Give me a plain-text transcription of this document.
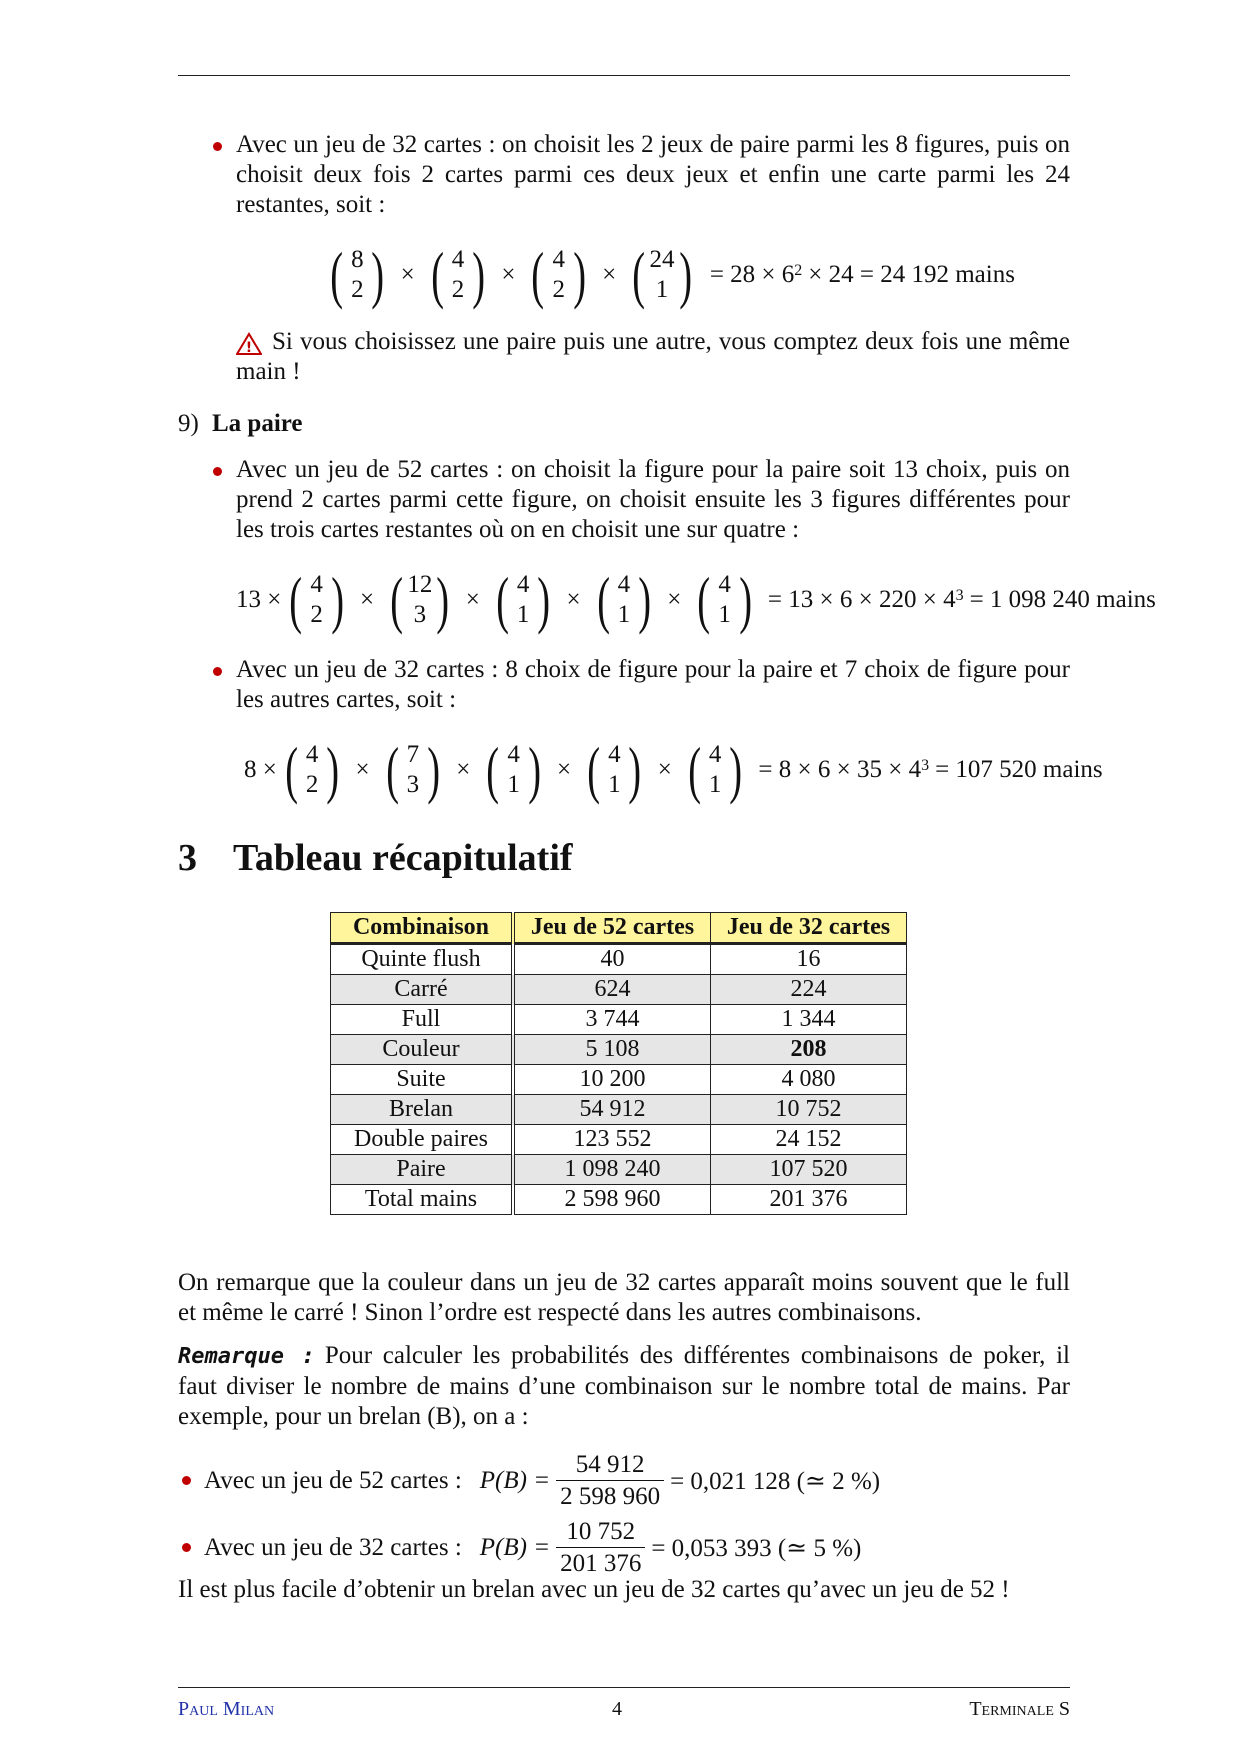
Avec un jeu de 32 cartes : on choisit les 2 jeux de paire parmi les 8 figures, puis on choisit deux fois 2 cartes parmi ces deux jeux et enfin une carte parmi les 24 restantes, soit :
( 8
2 ) × ( 4
2 ) × ( 4
2 ) × ( 24
1 ) = 28 × 6 2 × 24 = 24 192 mains
! Si vous choisissez une paire puis une autre, vous comptez deux fois une même main !
9) La paire
Avec un jeu de 52 cartes : on choisit la figure pour la paire soit 13 choix, puis on prend 2 cartes parmi cette figure, on choisit ensuite les 3 figures différentes pour les trois cartes restantes où on en choisit une sur quatre :
13 × ( 4
2 ) × ( 12
3 ) × ( 4
1 ) × ( 4
1 ) × ( 4
1 ) = 13 × 6 × 220 × 4 3 = 1 098 240 mains
Avec un jeu de 32 cartes : 8 choix de figure pour la paire et 7 choix de figure pour les autres cartes, soit :
8 × ( 4
2 ) × ( 7
3 ) × ( 4
1 ) × ( 4
1 ) × ( 4
1 ) = 8 × 6 × 35 × 4 3 = 107 520 mains
3 Tableau récapitulatif
Combinaison	Jeu de 52 cartes	Jeu de 32 cartes
Quinte flush	40	16
Carré	624	224
Full	3 744	1 344
Couleur	5 108	208
Suite	10 200	4 080
Brelan	54 912	10 752
Double paires	123 552	24 152
Paire	1 098 240	107 520
Total mains	2 598 960	201 376
On remarque que la couleur dans un jeu de 32 cartes apparaît moins souvent que le full et même le carré ! Sinon l’ordre est respecté dans les autres combinaisons.
Remarque : Pour calculer les probabilités des différentes combinaisons de poker, il faut diviser le nombre de mains d’une combinaison sur le nombre total de mains. Par exemple, pour un brelan (B), on a :
Avec un jeu de 52 cartes : $P(B) = \frac{54 912}{2 598 960} = 0,021$ 128 (≃ 2 %)
Avec un jeu de 32 cartes : $P(B) = \frac{10 752}{201 376} = 0,053$ 393 (≃ 5 %)
Il est plus facile d’obtenir un brelan avec un jeu de 32 cartes qu’avec un jeu de 52 !
Paul Milan	4	Terminale S
